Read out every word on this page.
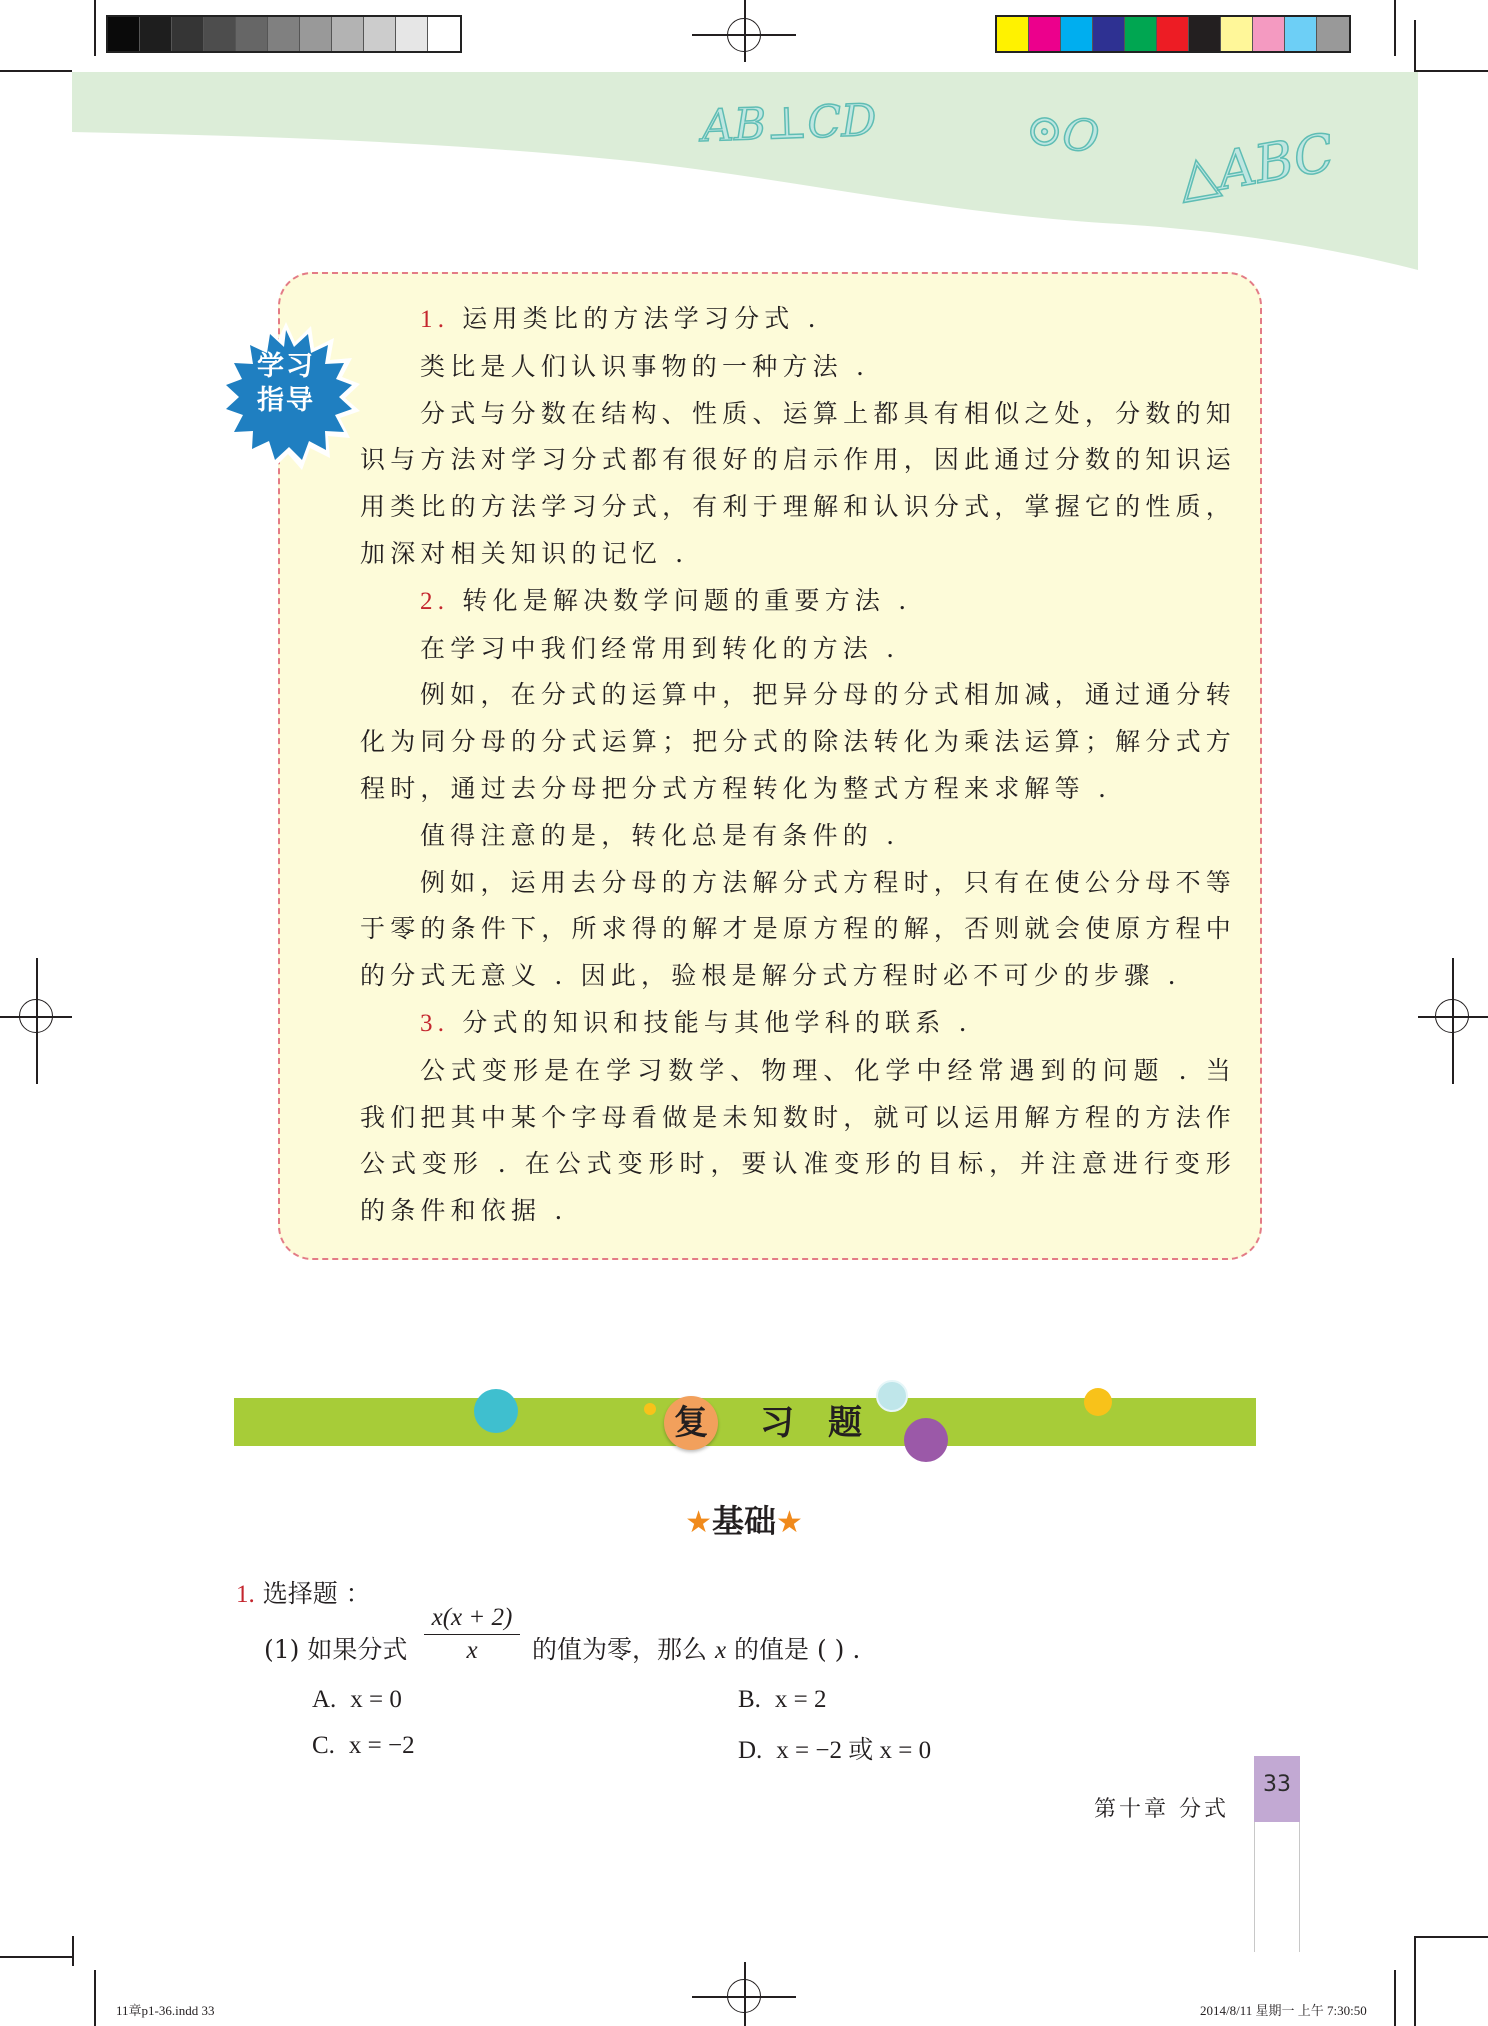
AB⊥CD	⊙O △ABC
学习
指导

1. 运用类比的方法学习分式 .

类比是人们认识事物的一种方法 .

分式与分数在结构、性质、运算上都具有相似之处，分数的知识与方法对学习分式都有很好的启示作用，因此通过分数的知识运用类比的方法学习分式，有利于理解和认识分式，掌握它的性质，加深对相关知识的记忆 .

2. 转化是解决数学问题的重要方法 .

在学习中我们经常用到转化的方法 .

例如，在分式的运算中，把异分母的分式相加减，通过通分转化为同分母的分式运算；把分式的除法转化为乘法运算；解分式方程时，通过去分母把分式方程转化为整式方程来求解等 .

值得注意的是，转化总是有条件的 .

例如，运用去分母的方法解分式方程时，只有在使公分母不等于零的条件下，所求得的解才是原方程的解，否则就会使原方程中的分式无意义 . 因此，验根是解分式方程时必不可少的步骤 .

3. 分式的知识和技能与其他学科的联系 .

公式变形是在学习数学、物理、化学中经常遇到的问题 . 当我们把其中某个字母看做是未知数时，就可以运用解方程的方法作公式变形 . 在公式变形时，要认准变形的目标，并注意进行变形的条件和依据 .

复 习 题
★基础★
1. 选择题 ：
(1) 如果分式 $\frac{x(x + 2)}{x}$ 的值为零，那么 x 的值是 ( ) .
A. x = 0	B. x = 2
C. x = −2	D. x = −2 或 x = 0
第十章 分式
33
11章p1-36.indd 33	2014/8/11 星期一 上午 7:30:50
